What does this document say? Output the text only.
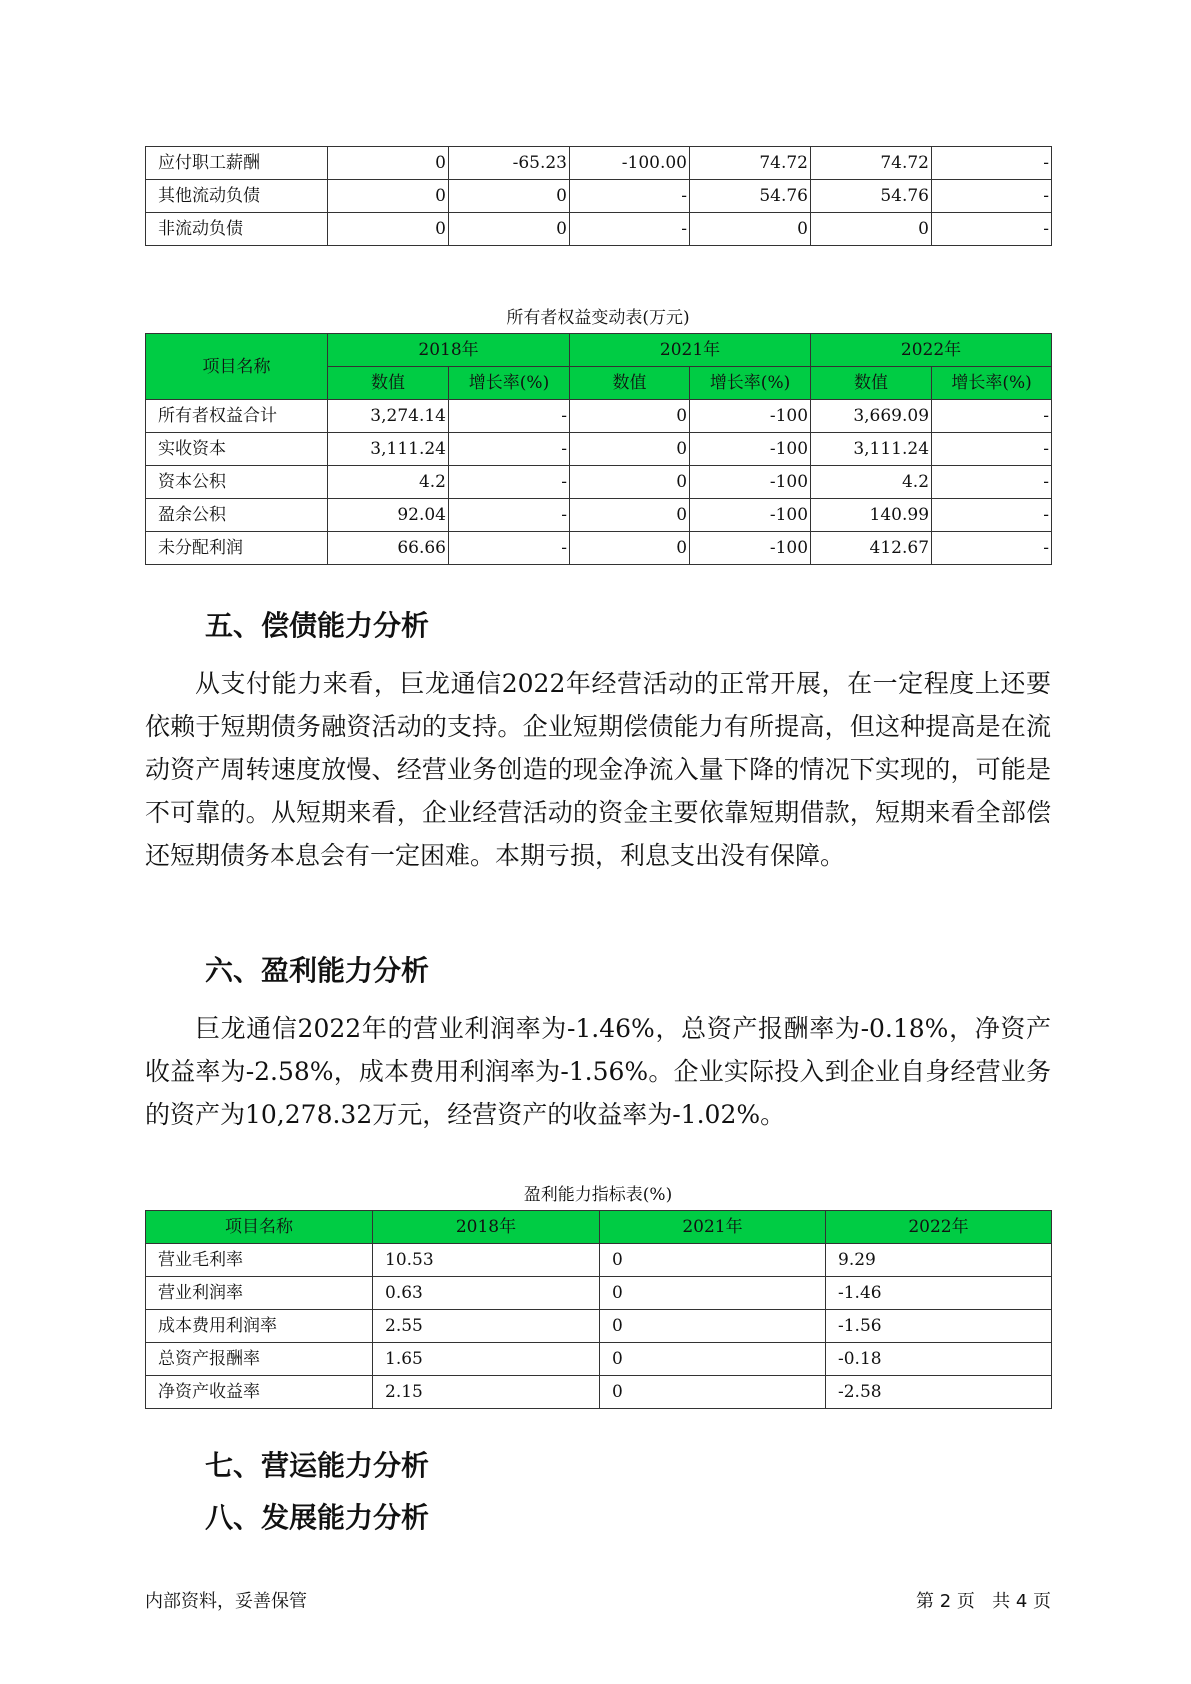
应付职工薪酬	0	-65.23	-100.00	74.72	74.72	-
其他流动负债	0	0	-	54.76	54.76	-
非流动负债	0	0	-	0	0	-
所有者权益变动表(万元)
项目名称	2018年		2021年		2022年	
	数值	增长率(%)	数值	增长率(%)	数值	增长率(%)
所有者权益合计	3,274.14	-	0	-100	3,669.09	-
实收资本	3,111.24	-	0	-100	3,111.24	-
资本公积	4.2	-	0	-100	4.2	-
盈余公积	92.04	-	0	-100	140.99	-
未分配利润	66.66	-	0	-100	412.67	-
五、偿债能力分析
从支付能力来看，巨龙通信2022年经营活动的正常开展，在一定程度上还要依赖于短期债务融资活动的支持。企业短期偿债能力有所提高，但这种提高是在流动资产周转速度放慢、经营业务创造的现金净流入量下降的情况下实现的，可能是不可靠的。从短期来看，企业经营活动的资金主要依靠短期借款，短期来看全部偿还短期债务本息会有一定困难。本期亏损，利息支出没有保障。
六、盈利能力分析
巨龙通信2022年的营业利润率为-1.46%，总资产报酬率为-0.18%，净资产收益率为-2.58%，成本费用利润率为-1.56%。企业实际投入到企业自身经营业务的资产为10,278.32万元，经营资产的收益率为-1.02%。
盈利能力指标表(%)
项目名称	2018年	2021年	2022年
营业毛利率	10.53	0	9.29
营业利润率	0.63	0	-1.46
成本费用利润率	2.55	0	-1.56
总资产报酬率	1.65	0	-0.18
净资产收益率	2.15	0	-2.58
七、营运能力分析
八、发展能力分析
内部资料，妥善保管	第 2 页   共 4 页
